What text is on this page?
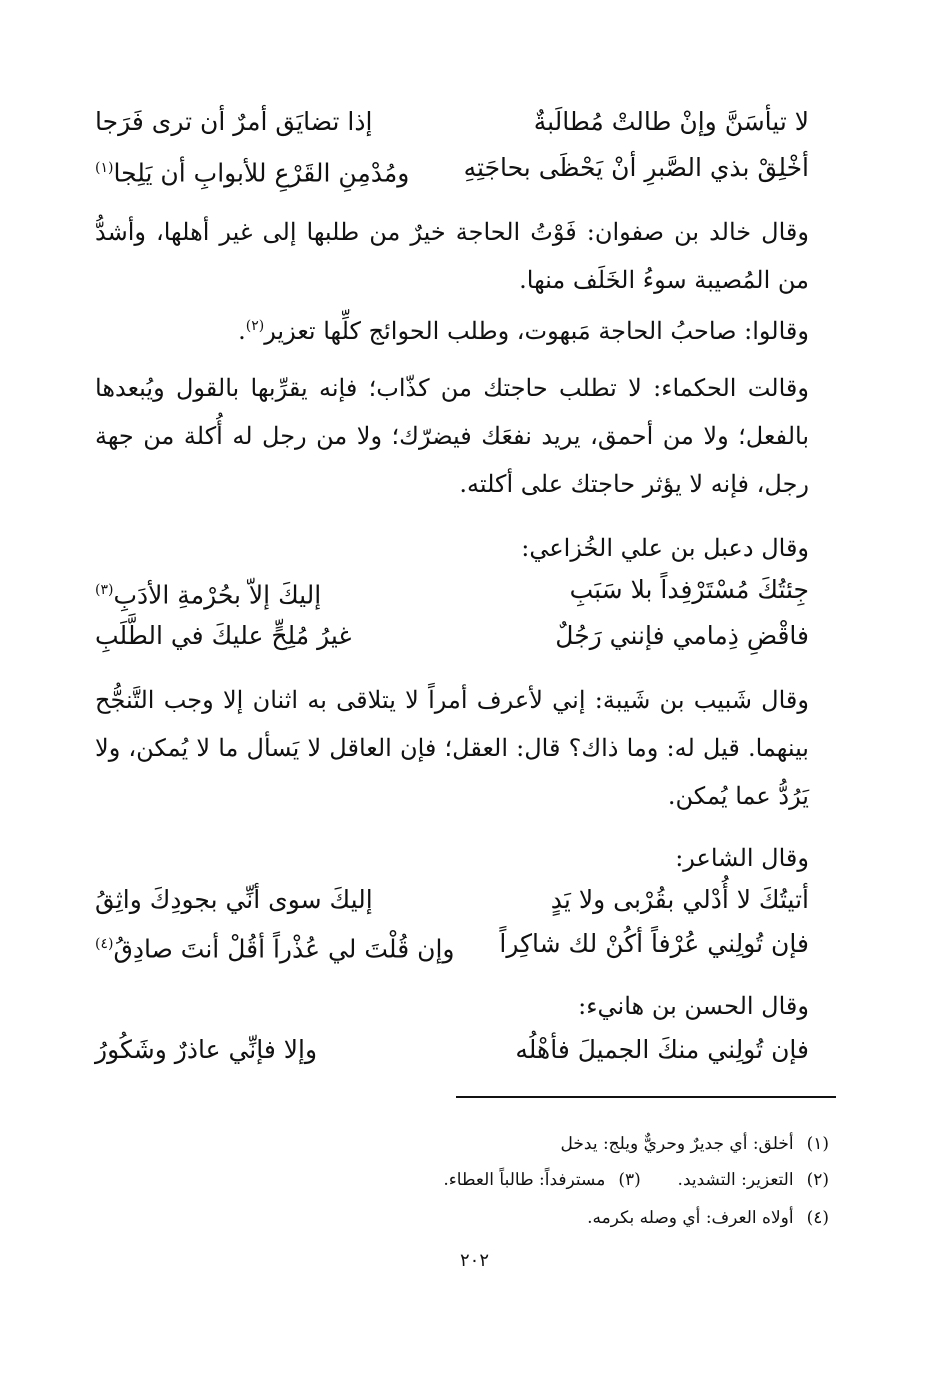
لا تيأسَنَّ وإنْ طالتْ مُطالَبةٌ
إذا تضايَق أمرٌ أن ترى فَرَجا
أخْلِقْ بذي الصَّبرِ أنْ يَحْظَى بحاجَتِهِ
ومُدْمِنِ القَرْعِ للأبوابِ أن يَلِجا$^{(١)}$
وقال خالد بن صفوان: فَوْتُ الحاجة خيرٌ من طلبها إلى غير أهلها، وأشدُّ من المُصيبة سوءُ الخَلَف منها.
وقالوا: صاحبُ الحاجة مَبهوت، وطلب الحوائج كلِّها تعزير$^{(٢)}$.
وقالت الحكماء: لا تطلب حاجتك من كذّاب؛ فإنه يقرِّبها بالقول ويُبعدها بالفعل؛ ولا من أحمق، يريد نفعَك فيضرّك؛ ولا من رجل له أُكلة من جهة رجل، فإنه لا يؤثر حاجتك على أكلته.
وقال دعبل بن علي الخُزاعي:
جِئتُكَ مُسْتَرْفِداً بلا سَبَبِ
إليكَ إلاّ بحُرْمةِ الأدَبِ$^{(٣)}$
فاقْضِ ذِمامي فإنني رَجُلٌ
غيرُ مُلِحٍّ عليكَ في الطَّلَبِ
وقال شَبيب بن شَيبة: إني لأعرف أمراً لا يتلاقى به اثنان إلا وجب التَّنجُّح بينهما. قيل له: وما ذاك؟ قال: العقل؛ فإن العاقل لا يَسأل ما لا يُمكن، ولا يَرُدُّ عما يُمكن.
وقال الشاعر:
أتيتُكَ لا أُدْلي بقُرْبى ولا يَدٍ
إليكَ سوى أنِّي بجودِكَ واثِقُ
فإن تُولِني عُرْفاً أكُنْ لك شاكِراً
وإن قُلْتَ لي عُذْراً أقُلْ أنتَ صادِقُ$^{(٤)}$
وقال الحسن بن هانيء:
فإن تُولِني منكَ الجميلَ فأهْلُه
وإلا فإنِّي عاذرٌ وشَكُورُ
(١) أخلق: أي جديرٌ وحريٌّ ويلج: يدخل
(٢) التعزير: التشديد.  (٣) مسترفداً: طالباً العطاء.
(٤) أولاه العرف: أي وصله بكرمه.
٢٠٢
